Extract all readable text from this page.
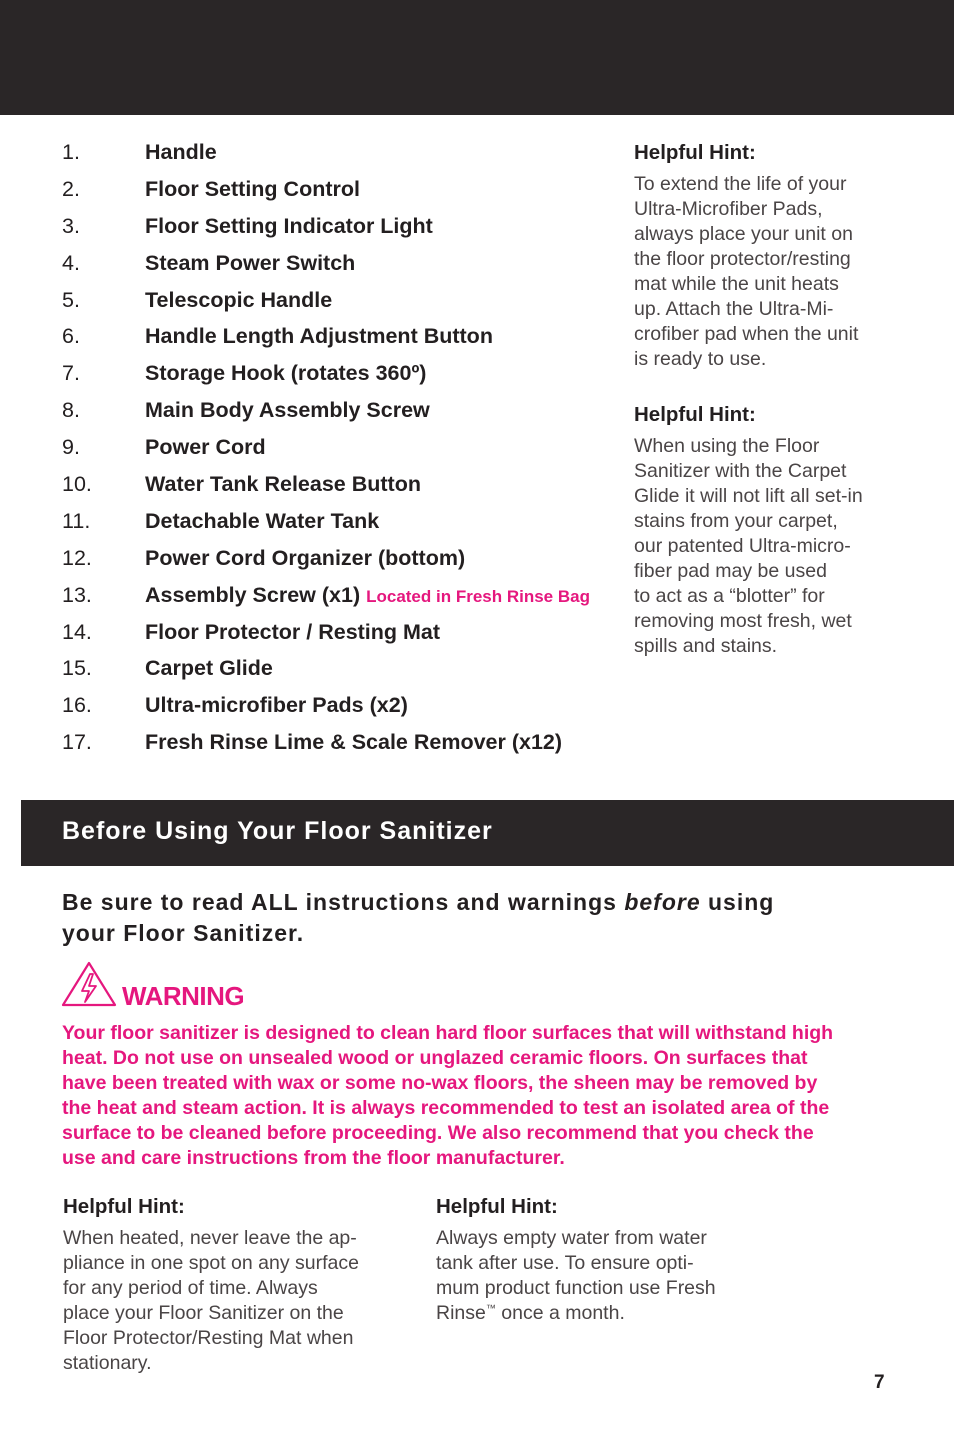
1.	Handle
2.	Floor Setting Control
3.	Floor Setting Indicator Light
4.	Steam Power Switch
5.	Telescopic Handle
6.	Handle Length Adjustment Button
7.	Storage Hook (rotates 360º)
8.	Main Body Assembly Screw
9.	Power Cord
10. Water Tank Release Button
11.	Detachable Water Tank
12. Power Cord Organizer (bottom)
13. Assembly Screw (x1) Located in Fresh Rinse Bag
14. Floor Protector / Resting Mat
15. Carpet Glide
16. Ultra-microfiber Pads (x2)
17. Fresh Rinse Lime & Scale Remover (x12)
Helpful Hint:

To extend the life of your
Ultra-Microfiber Pads,
always place your unit on
the floor protector/resting
mat while the unit heats
up. Attach the Ultra-Mi-
crofiber pad when the unit
is ready to use.

Helpful Hint:

When using the Floor
Sanitizer with the Carpet
Glide it will not lift all set-in
stains from your carpet,
our patented Ultra-micro-
fiber pad may be used
to act as a “blotter” for
removing most fresh, wet
spills and stains.

Before Using Your Floor Sanitizer

Be sure to read ALL instructions and warnings before using
your Floor Sanitizer.

WARNING

Your floor sanitizer is designed to clean hard floor surfaces that will withstand high
heat. Do not use on unsealed wood or unglazed ceramic floors. On surfaces that
have been treated with wax or some no-wax floors, the sheen may be removed by
the heat and steam action. It is always recommended to test an isolated area of the
surface to be cleaned before proceeding. We also recommend that you check the
use and care instructions from the floor manufacturer.

Helpful Hint:

When heated, never leave the ap-
pliance in one spot on any surface
for any period of time. Always
place your Floor Sanitizer on the
Floor Protector/Resting Mat when
stationary.

Helpful Hint:

Always empty water from water
tank after use. To ensure opti-
mum product function use Fresh
Rinse™ once a month.

7
